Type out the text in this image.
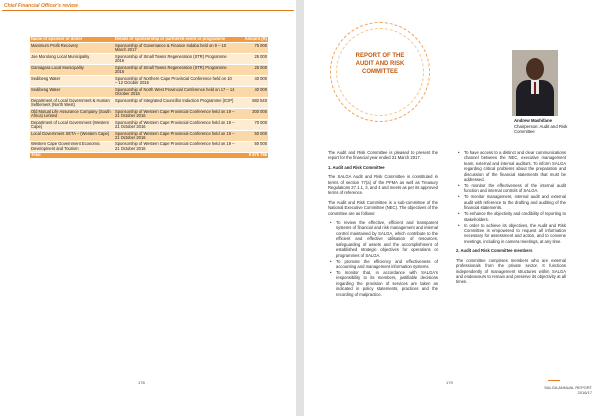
Chief Financial Officer's review
Name of sponsor or donor	Details of sponsorship or partnered event or programme	Amount (R)
Manimum Profit Recovery	Sponsorship of Governance & Finance Indaba held on 9 – 10 March 2017	75 000
Joe Morolong Local Municipality	Sponsorship of Small Towns Regeneration (STR) Programme 2016	25 000
Gamagara Local Municipality	Sponsorship of Small Towns Regeneration (STR) Programme 2016	25 000
Sedibeng Water	Sponsorship of Northern Cape Provincial Conference held on 10 – 12 October 2016	40 000
Sedibeng Water	Sponsorship of North West Provincial Conference held on 17 – 14 October 2016	40 000
Department of Local Government & Human Settlement (North West)	Sponsorship of Integrated Councillor Induction Programme (ICIP)	682 540
Old Mutual Life Assurance Company (South Africa) Limited	Sponsorship of Western Cape Provincial Conference held on 19 – 21 October 2016	200 000
Department of Local Government (Western Cape)	Sponsorship of Western Cape Provincial Conference held on 19 – 21 October 2016	70 000
Local Government SETA – (Western Cape)	Sponsorship of Western Cape Provincial Conference held on 19 – 21 October 2016	50 000
Western Cape Government Economic Development and Tourism	Sponsorship of Western Cape Provincial Conference held on 19 – 21 October 2016	50 000
Total		9 875 786
178
REPORT OF THE AUDIT AND RISK COMMITTEE
Andrew Mashifane
Chairperson: Audit and Risk Committee

The Audit and Risk Committee is pleased to present the report for the financial year ended 31 March 2017.

1. Audit and Risk Committee

The SALGA Audit and Risk Committee is constituted in terms of section 77(a) of the PFMA as well as Treasury Regulations 27.1.1, 3, and 4 and meets as per its approved terms of reference.

The Audit and Risk Committee is a sub-committee of the National Executive Committee (NEC). The objectives of the committee are as follows:

• To review the effective, efficient and transparent systems of financial and risk management and internal control maintained by SALGA, which contribute to the efficient and effective utilisation of resources, safeguarding of assets and the accomplishment of established strategic objectives for operations or programmes of SALGA.
• To promote the efficiency and effectiveness of accounting and management information systems.
• To monitor that, in accordance with SALGA's responsibility to its members, justifiable decisions regarding the provision of services are taken as indicated in policy statements, practices and the recording of malpractice.
• To have access to a distinct and clear communications channel between the NEC, executive management team, external and internal auditors. To inform SALGA regarding critical problems about the preparation and discussion of the financial statements that must be addressed.
• To monitor the effectiveness of the internal audit function and internal controls of SALGA.
• To monitor management, internal audit and external audit with reference to the drafting and auditing of the financial statements.
• To enhance the objectivity and credibility of reporting to stakeholders.
• In order to achieve its objectives, the Audit and Risk Committee is empowered to request all information necessary for assessment and action, and to convene meetings, including in camera meetings, at any time.
2. Audit and Risk Committee members

The committee comprises members who are external professionals from the private sector. It functions independently of management structures within SALGA and endeavours to remain and preserve its objectivity at all times.

179
SALGA ANNUAL REPORT
2016/17
